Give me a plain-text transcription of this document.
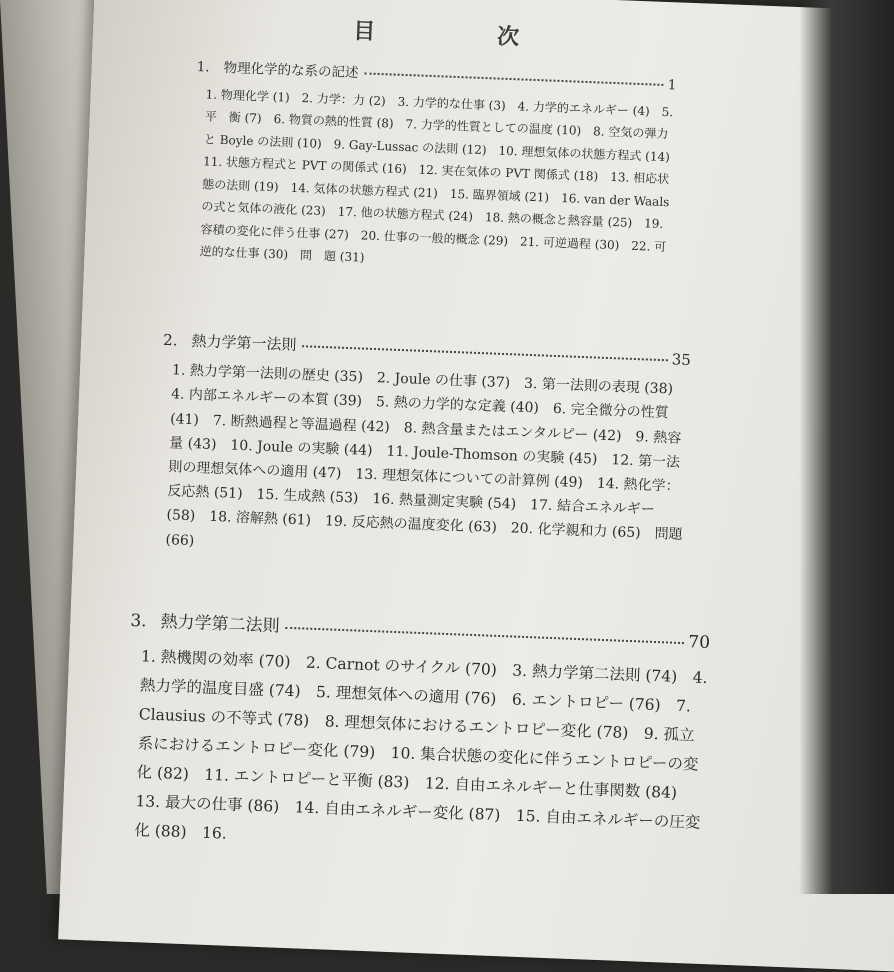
目　次
1. 物理化学的な系の記述
1

1. 物理化学 (1)　2. 力学：力 (2)　3. 力学的な仕事 (3)　4. 力学的エネルギー (4)　5. 平　衡 (7)　6. 物質の熱的性質 (8)　7. 力学的性質としての温度 (10)　8. 空気の弾力と Boyle の法則 (10)　9. Gay-Lussac の法則 (12)　10. 理想気体の状態方程式 (14)　11. 状態方程式と PVT の関係式 (16)　12. 実在気体の PVT 関係式 (18)　13. 相応状態の法則 (19)　14. 気体の状態方程式 (21)　15. 臨界領域 (21)　16. van der Waals の式と気体の液化 (23)　17. 他の状態方程式 (24)　18. 熱の概念と熱容量 (25)　19. 容積の変化に伴う仕事 (27)　20. 仕事の一般的概念 (29)　21. 可逆過程 (30)　22. 可逆的な仕事 (30)　問　題 (31)

2. 熱力学第一法則
35

1. 熱力学第一法則の歴史 (35)　2. Joule の仕事 (37)　3. 第一法則の表現 (38)　4. 内部エネルギーの本質 (39)　5. 熱の力学的な定義 (40)　6. 完全微分の性質 (41)　7. 断熱過程と等温過程 (42)　8. 熱含量またはエンタルピー (42)　9. 熱容量 (43)　10. Joule の実験 (44)　11. Joule-Thomson の実験 (45)　12. 第一法則の理想気体への適用 (47)　13. 理想気体についての計算例 (49)　14. 熱化学：反応熱 (51)　15. 生成熱 (53)　16. 熱量測定実験 (54)　17. 結合エネルギー (58)　18. 溶解熱 (61)　19. 反応熱の温度変化 (63)　20. 化学親和力 (65)　問題 (66)

3. 熱力学第二法則
70

1. 熱機関の効率 (70)　2. Carnot のサイクル (70)　3. 熱力学第二法則 (74)　4. 熱力学的温度目盛 (74)　5. 理想気体への適用 (76)　6. エントロピー (76)　7. Clausius の不等式 (78)　8. 理想気体におけるエントロピー変化 (78)　9. 孤立系におけるエントロピー変化 (79)　10. 集合状態の変化に伴うエントロピーの変化 (82)　11. エントロピーと平衡 (83)　12. 自由エネルギーと仕事関数 (84)　13. 最大の仕事 (86)　14. 自由エネルギー変化 (87)　15. 自由エネルギーの圧変化 (88)　16.
